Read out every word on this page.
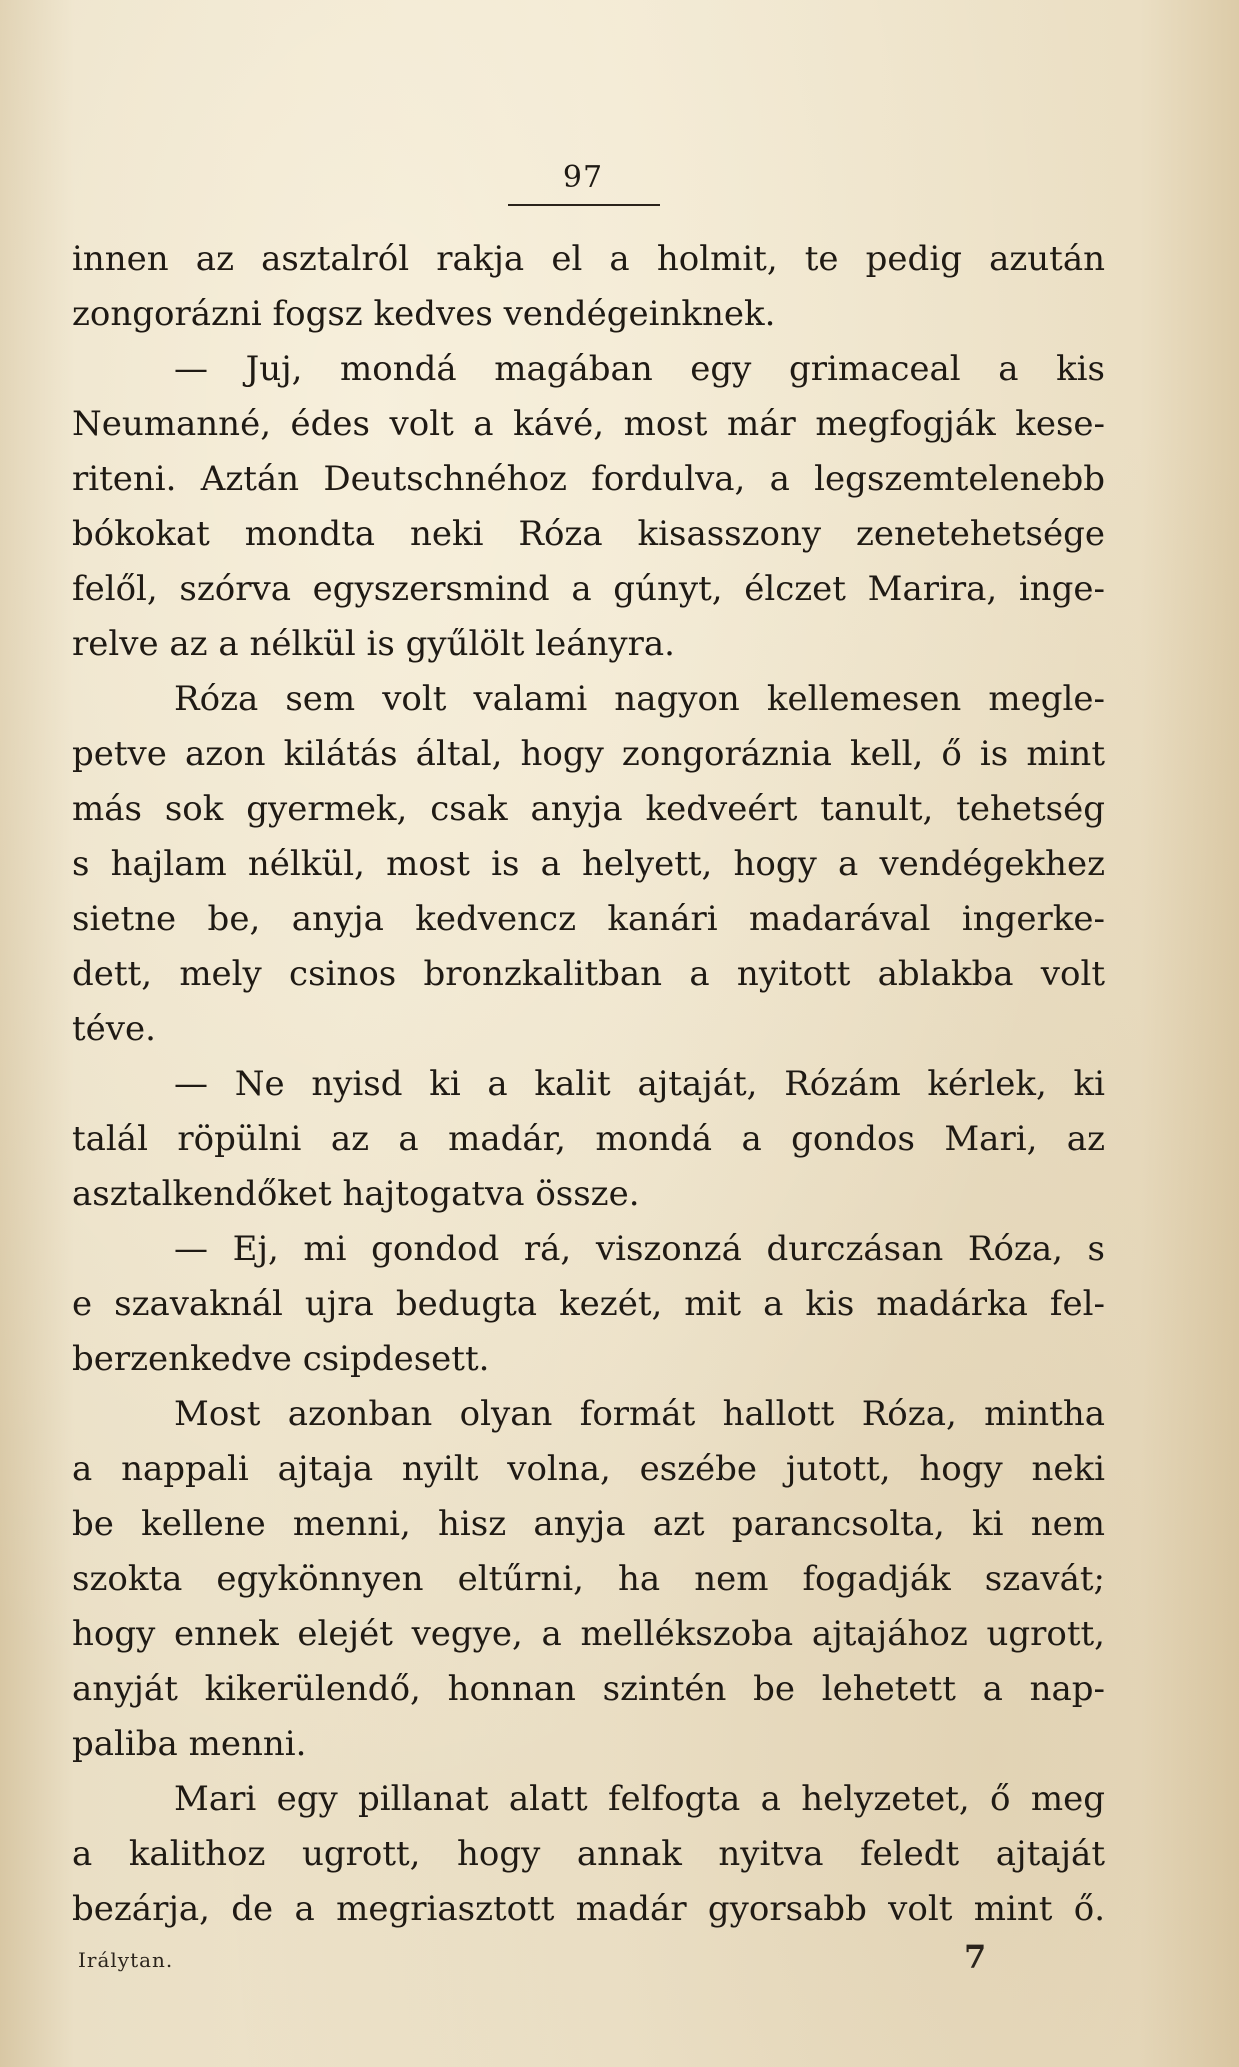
97
innen az asztalról rakja el a holmit, te pedig azután
zongorázni fogsz kedves vendégeinknek.
— Juj, mondá magában egy grimaceal a kis
Neumanné, édes volt a kávé, most már megfogják kese-
riteni. Aztán Deutschnéhoz fordulva, a legszemtelenebb
bókokat mondta neki Róza kisasszony zenetehetsége
felől, szórva egyszersmind a gúnyt, élczet Marira, inge-
relve az a nélkül is gyűlölt leányra.
Róza sem volt valami nagyon kellemesen meglе-
petve azon kilátás által, hogy zongoráznia kell, ő is mint
más sok gyermek, csak anyja kedveért tanult, tehetség
s hajlam nélkül, most is a helyett, hogy a vendégekhez
sietne be, anyja kedvencz kanári madarával ingerke-
dett, mely csinos bronzkalitban a nyitott ablakba volt
téve.
— Ne nyisd ki a kalit ajtaját, Rózám kérlek, ki
talál röpülni az a madár, mondá a gondos Mari, az
asztalkendőket hajtogatva össze.
— Ej, mi gondod rá, viszonzá durczásan Róza, s
e szavaknál ujra bedugta kezét, mit a kis madárka fel-
berzenkedve csipdesett.
Most azonban olyan formát hallott Róza, mintha
a nappali ajtaja nyilt volna, eszébe jutott, hogy neki
be kellene menni, hisz anyja azt parancsolta, ki nem
szokta egykönnyen eltűrni, ha nem fogadják szavát;
hogy ennek elejét vegye, a mellékszoba ajtajához ugrott,
anyját kikerülendő, honnan szintén be lehetett a nap-
paliba menni.
Mari egy pillanat alatt felfogta a helyzetet, ő meg
a kalithoz ugrott, hogy annak nyitva feledt ajtaját
bezárja, de a megriasztott madár gyorsabb volt mint ő.
Irálytan.	7
